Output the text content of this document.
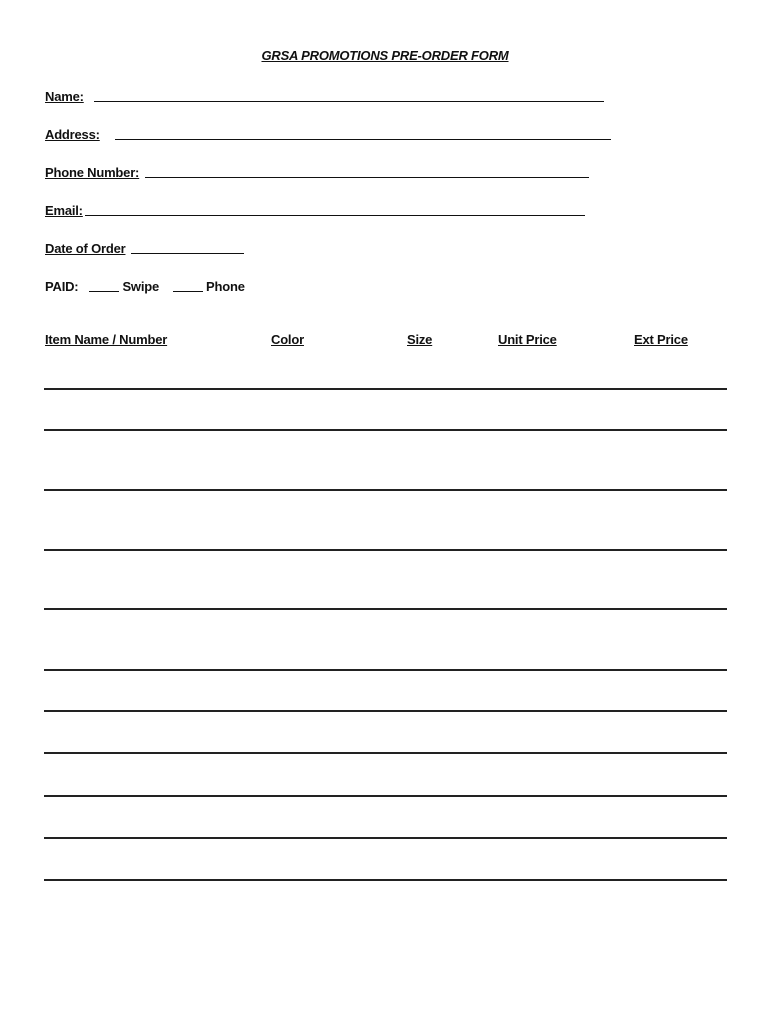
GRSA PROMOTIONS PRE-ORDER FORM
Name:
Address:
Phone Number:
Email:
Date of Order
PAID:	Swipe	Phone
Item Name / Number	Color	Size	Unit Price	Ext Price
